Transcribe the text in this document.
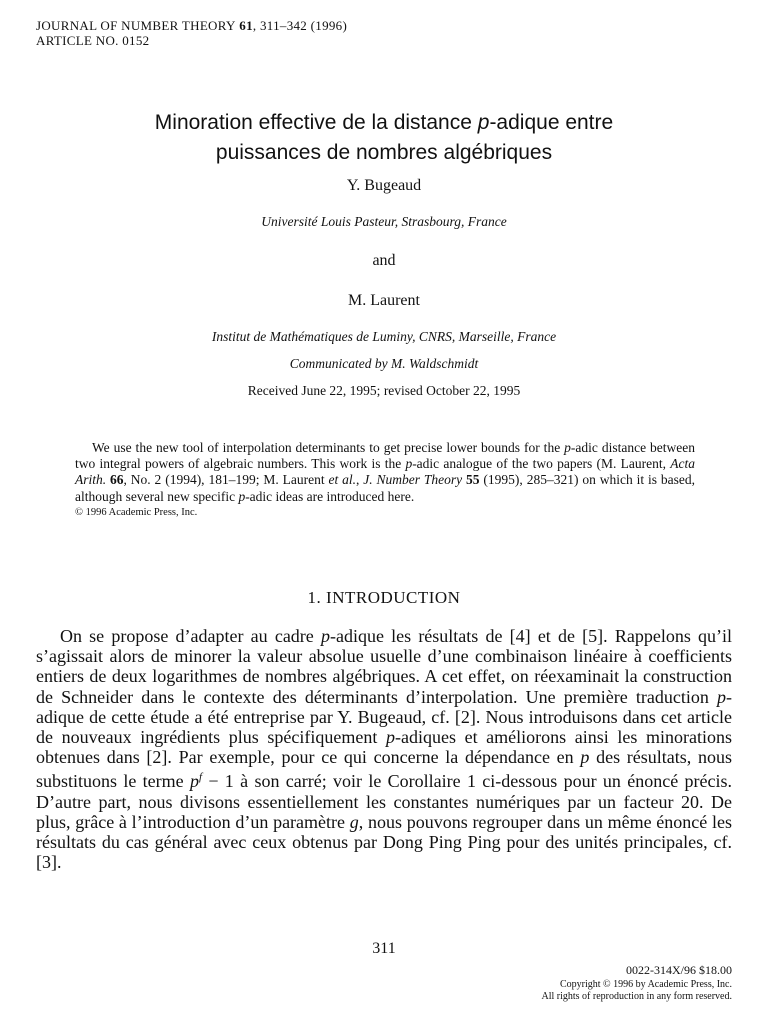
JOURNAL OF NUMBER THEORY 61, 311–342 (1996)
ARTICLE NO. 0152
Minoration effective de la distance p-adique entre
puissances de nombres algébriques
Y. Bugeaud
Université Louis Pasteur, Strasbourg, France
and
M. Laurent
Institut de Mathématiques de Luminy, CNRS, Marseille, France
Communicated by M. Waldschmidt
Received June 22, 1995; revised October 22, 1995
We use the new tool of interpolation determinants to get precise lower bounds for the p-adic distance between two integral powers of algebraic numbers. This work is the p-adic analogue of the two papers (M. Laurent, Acta Arith. 66, No. 2 (1994), 181–199; M. Laurent et al., J. Number Theory 55 (1995), 285–321) on which it is based, although several new specific p-adic ideas are introduced here.
© 1996 Academic Press, Inc.
1. INTRODUCTION
On se propose d’adapter au cadre p-adique les résultats de [4] et de [5]. Rappelons qu’il s’agissait alors de minorer la valeur absolue usuelle d’une combinaison linéaire à coefficients entiers de deux logarithmes de nombres algébriques. A cet effet, on réexaminait la construction de Schneider dans le contexte des déterminants d’interpolation. Une première traduction p-adique de cette étude a été entreprise par Y. Bugeaud, cf. [2]. Nous introduisons dans cet article de nouveaux ingrédients plus spécifiquement p-adiques et améliorons ainsi les minorations obtenues dans [2]. Par exemple, pour ce qui concerne la dépendance en p des résultats, nous substituons le terme $p^f - 1$ à son carré; voir le Corollaire 1 ci-dessous pour un énoncé précis. D’autre part, nous divisons essentiellement les constantes numériques par un facteur 20. De plus, grâce à l’introduction d’un paramètre g, nous pouvons regrouper dans un même énoncé les résultats du cas général avec ceux obtenus par Dong Ping Ping pour des unités principales, cf. [3].
311
0022-314X/96 $18.00
Copyright © 1996 by Academic Press, Inc.
All rights of reproduction in any form reserved.
